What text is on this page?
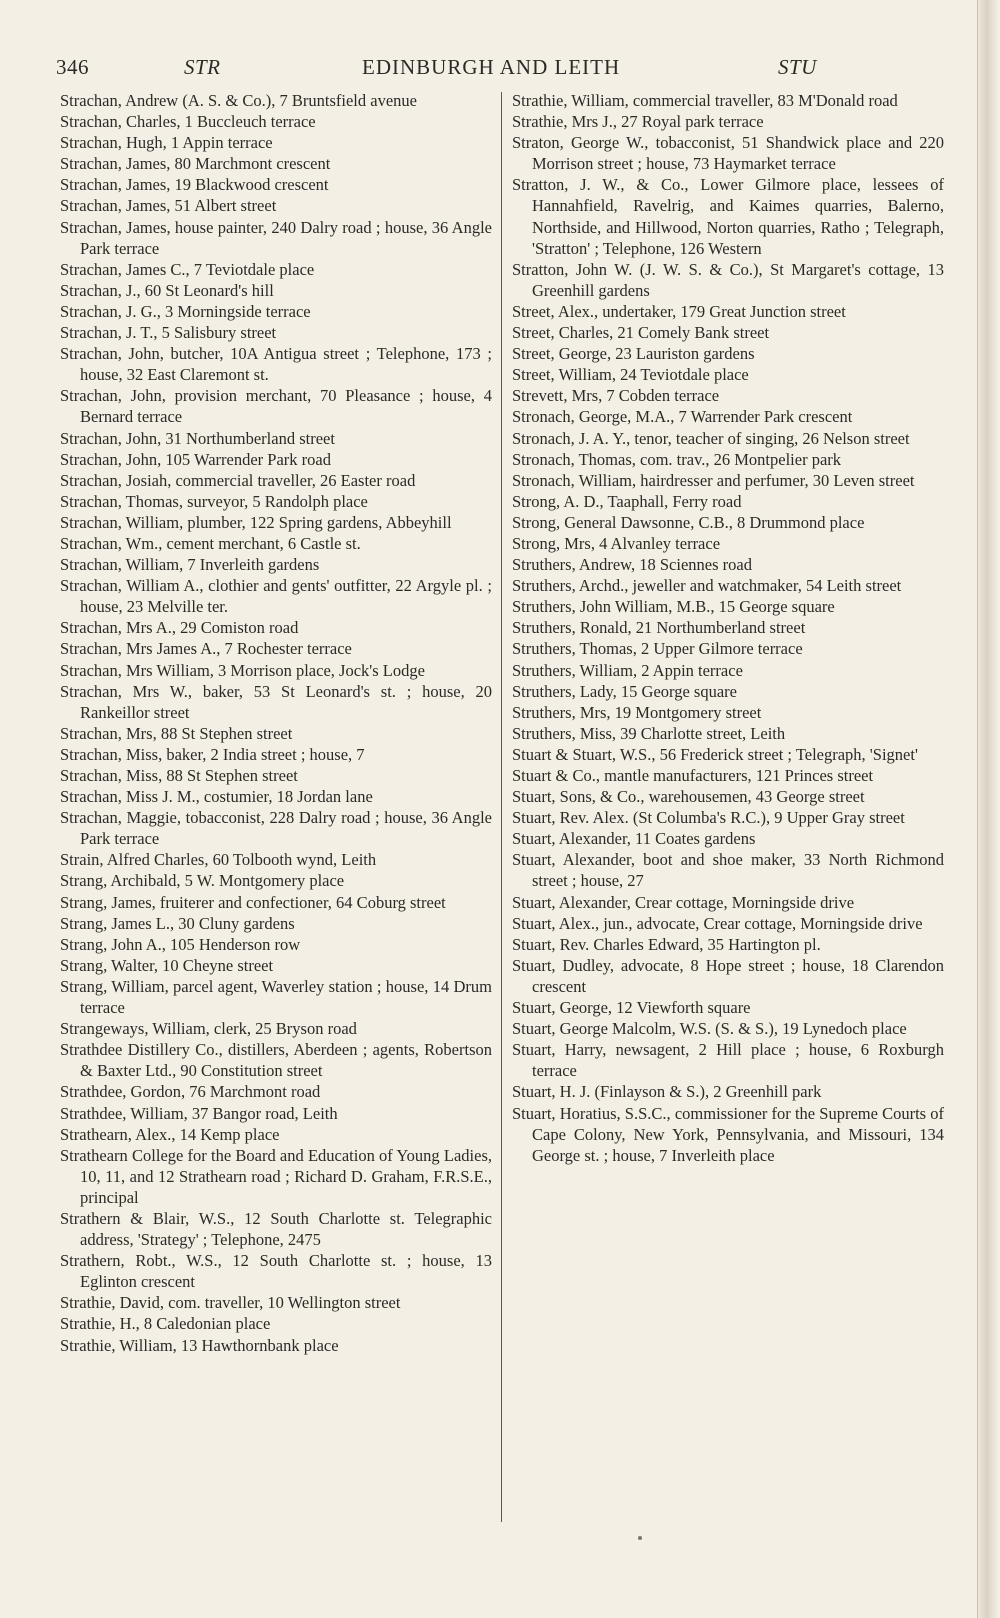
346	STR	EDINBURGH AND LEITH	STU

Strachan, Andrew (A. S. & Co.), 7 Bruntsfield avenue

Strachan, Charles, 1 Buccleuch terrace

Strachan, Hugh, 1 Appin terrace

Strachan, James, 80 Marchmont crescent

Strachan, James, 19 Blackwood crescent

Strachan, James, 51 Albert street

Strachan, James, house painter, 240 Dalry road ; house, 36 Angle Park terrace

Strachan, James C., 7 Teviotdale place

Strachan, J., 60 St Leonard's hill

Strachan, J. G., 3 Morningside terrace

Strachan, J. T., 5 Salisbury street

Strachan, John, butcher, 10A Antigua street ; Telephone, 173 ; house, 32 East Claremont st.

Strachan, John, provision merchant, 70 Pleasance ; house, 4 Bernard terrace

Strachan, John, 31 Northumberland street

Strachan, John, 105 Warrender Park road

Strachan, Josiah, commercial traveller, 26 Easter road

Strachan, Thomas, surveyor, 5 Randolph place

Strachan, William, plumber, 122 Spring gardens, Abbeyhill

Strachan, Wm., cement merchant, 6 Castle st.

Strachan, William, 7 Inverleith gardens

Strachan, William A., clothier and gents' outfitter, 22 Argyle pl. ; house, 23 Melville ter.

Strachan, Mrs A., 29 Comiston road

Strachan, Mrs James A., 7 Rochester terrace

Strachan, Mrs William, 3 Morrison place, Jock's Lodge

Strachan, Mrs W., baker, 53 St Leonard's st. ; house, 20 Rankeillor street

Strachan, Mrs, 88 St Stephen street

Strachan, Miss, baker, 2 India street ; house, 7

Strachan, Miss, 88 St Stephen street

Strachan, Miss J. M., costumier, 18 Jordan lane

Strachan, Maggie, tobacconist, 228 Dalry road ; house, 36 Angle Park terrace

Strain, Alfred Charles, 60 Tolbooth wynd, Leith

Strang, Archibald, 5 W. Montgomery place

Strang, James, fruiterer and confectioner, 64 Coburg street

Strang, James L., 30 Cluny gardens

Strang, John A., 105 Henderson row

Strang, Walter, 10 Cheyne street

Strang, William, parcel agent, Waverley station ; house, 14 Drum terrace

Strangeways, William, clerk, 25 Bryson road

Strathdee Distillery Co., distillers, Aberdeen ; agents, Robertson & Baxter Ltd., 90 Constitution street

Strathdee, Gordon, 76 Marchmont road

Strathdee, William, 37 Bangor road, Leith

Strathearn, Alex., 14 Kemp place

Strathearn College for the Board and Education of Young Ladies, 10, 11, and 12 Strathearn road ; Richard D. Graham, F.R.S.E., principal

Strathern & Blair, W.S., 12 South Charlotte st. Telegraphic address, 'Strategy' ; Telephone, 2475

Strathern, Robt., W.S., 12 South Charlotte st. ; house, 13 Eglinton crescent

Strathie, David, com. traveller, 10 Wellington street

Strathie, H., 8 Caledonian place

Strathie, William, 13 Hawthornbank place

Strathie, William, commercial traveller, 83 M'Donald road

Strathie, Mrs J., 27 Royal park terrace

Straton, George W., tobacconist, 51 Shandwick place and 220 Morrison street ; house, 73 Haymarket terrace

Stratton, J. W., & Co., Lower Gilmore place, lessees of Hannahfield, Ravelrig, and Kaimes quarries, Balerno, Northside, and Hillwood, Norton quarries, Ratho ; Telegraph, 'Stratton' ; Telephone, 126 Western

Stratton, John W. (J. W. S. & Co.), St Margaret's cottage, 13 Greenhill gardens

Street, Alex., undertaker, 179 Great Junction street

Street, Charles, 21 Comely Bank street

Street, George, 23 Lauriston gardens

Street, William, 24 Teviotdale place

Strevett, Mrs, 7 Cobden terrace

Stronach, George, M.A., 7 Warrender Park crescent

Stronach, J. A. Y., tenor, teacher of singing, 26 Nelson street

Stronach, Thomas, com. trav., 26 Montpelier park

Stronach, William, hairdresser and perfumer, 30 Leven street

Strong, A. D., Taaphall, Ferry road

Strong, General Dawsonne, C.B., 8 Drummond place

Strong, Mrs, 4 Alvanley terrace

Struthers, Andrew, 18 Sciennes road

Struthers, Archd., jeweller and watchmaker, 54 Leith street

Struthers, John William, M.B., 15 George square

Struthers, Ronald, 21 Northumberland street

Struthers, Thomas, 2 Upper Gilmore terrace

Struthers, William, 2 Appin terrace

Struthers, Lady, 15 George square

Struthers, Mrs, 19 Montgomery street

Struthers, Miss, 39 Charlotte street, Leith

Stuart & Stuart, W.S., 56 Frederick street ; Telegraph, 'Signet'

Stuart & Co., mantle manufacturers, 121 Princes street

Stuart, Sons, & Co., warehousemen, 43 George street

Stuart, Rev. Alex. (St Columba's R.C.), 9 Upper Gray street

Stuart, Alexander, 11 Coates gardens

Stuart, Alexander, boot and shoe maker, 33 North Richmond street ; house, 27

Stuart, Alexander, Crear cottage, Morningside drive

Stuart, Alex., jun., advocate, Crear cottage, Morningside drive

Stuart, Rev. Charles Edward, 35 Hartington pl.

Stuart, Dudley, advocate, 8 Hope street ; house, 18 Clarendon crescent

Stuart, George, 12 Viewforth square

Stuart, George Malcolm, W.S. (S. & S.), 19 Lynedoch place

Stuart, Harry, newsagent, 2 Hill place ; house, 6 Roxburgh terrace

Stuart, H. J. (Finlayson & S.), 2 Greenhill park

Stuart, Horatius, S.S.C., commissioner for the Supreme Courts of Cape Colony, New York, Pennsylvania, and Missouri, 134 George st. ; house, 7 Inverleith place
